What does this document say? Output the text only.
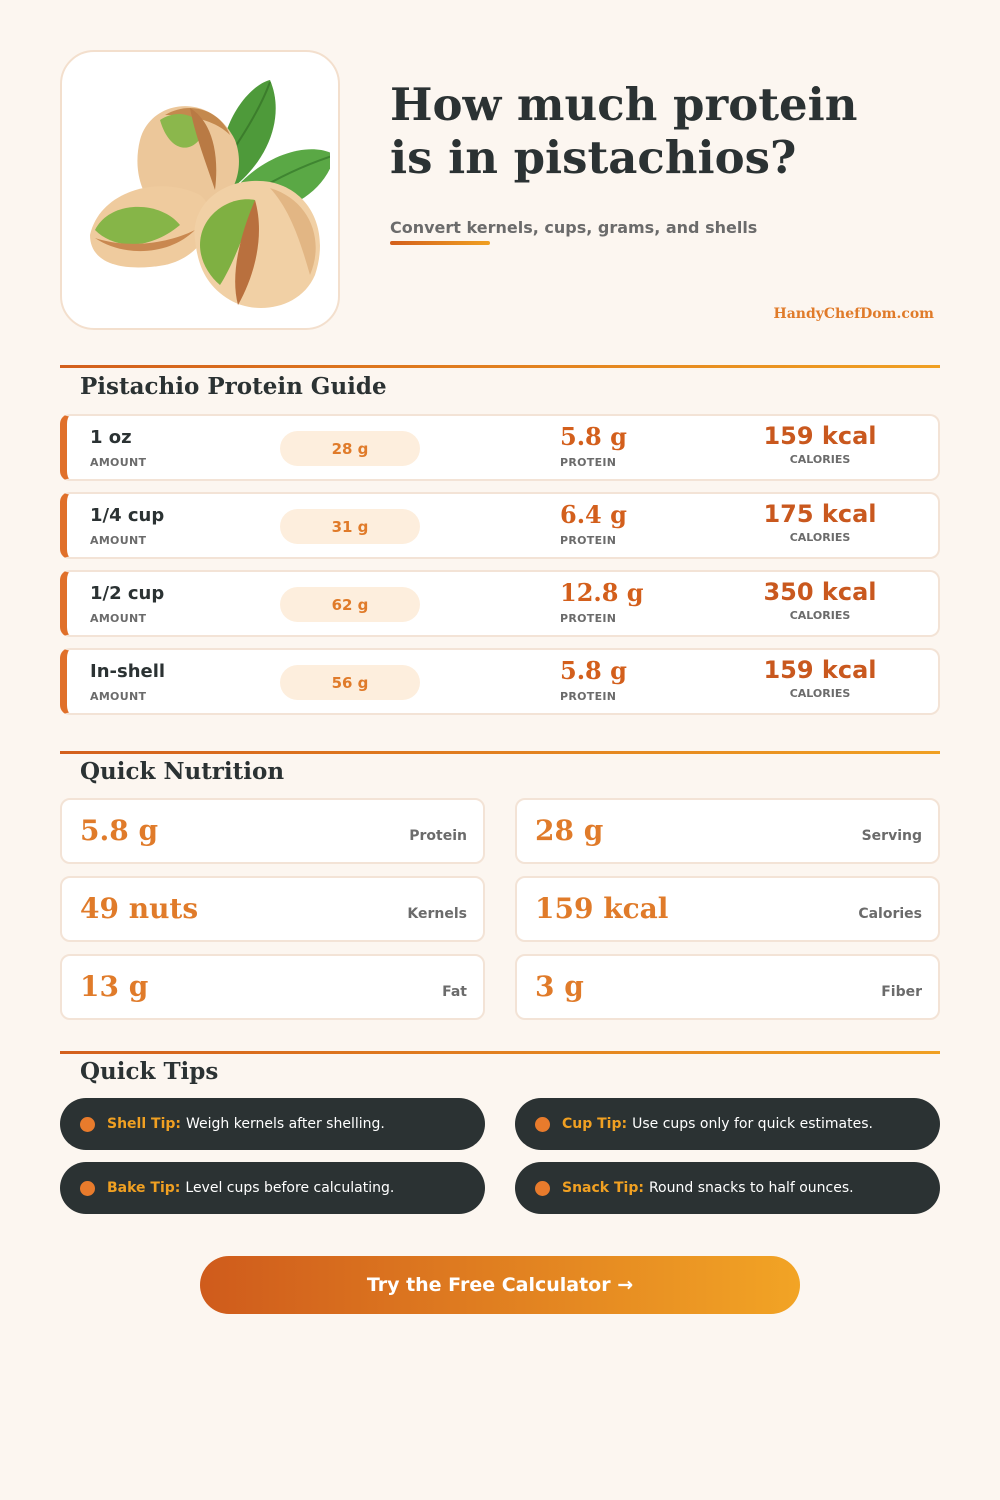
How much protein
is in pistachios?
Convert kernels, cups, grams, and shells
HandyChefDom.com
Pistachio Protein Guide
1 oz
AMOUNT
28 g	5.8 g
PROTEIN
159 kcal
CALORIES
1/4 cup
AMOUNT
31 g	6.4 g
PROTEIN
175 kcal
CALORIES
1/2 cup
AMOUNT
62 g	12.8 g
PROTEIN
350 kcal
CALORIES
In-shell
AMOUNT
56 g	5.8 g
PROTEIN
159 kcal
CALORIES
Quick Nutrition
5.8 g	Protein 28 g	Serving
49 nuts	Kernels 159 kcal	Calories
13 g	Fat 3 g	Fiber
Quick Tips
Shell Tip: Weigh kernels after shelling.	Cup Tip: Use cups only for quick estimates.
Bake Tip: Level cups before calculating.	Snack Tip: Round snacks to half ounces.
Try the Free Calculator →
